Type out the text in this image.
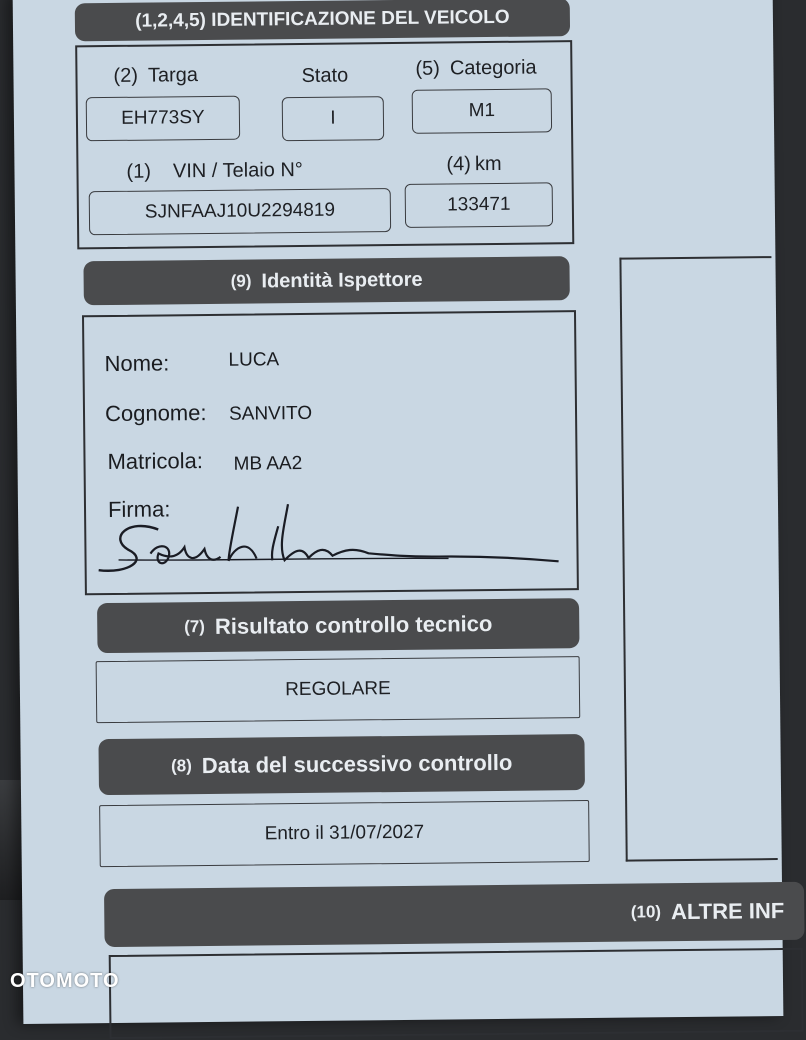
(1,2,4,5) IDENTIFICAZIONE DEL VEICOLO
(2) Targa	Stato	(5) Categoria
EH773SY	I	M1
(1) VIN / Telaio N°	(4) km
SJNFAAJ10U2294819	133471
(9) Identità Ispettore
Nome:	LUCA
Cognome: SANVITO
Matricola: MB AA2
Firma:
(7) Risultato controllo tecnico
REGOLARE
(8) Data del successivo controllo
Entro il 31/07/2027
(10) ALTRE INF
OTOMOTO
